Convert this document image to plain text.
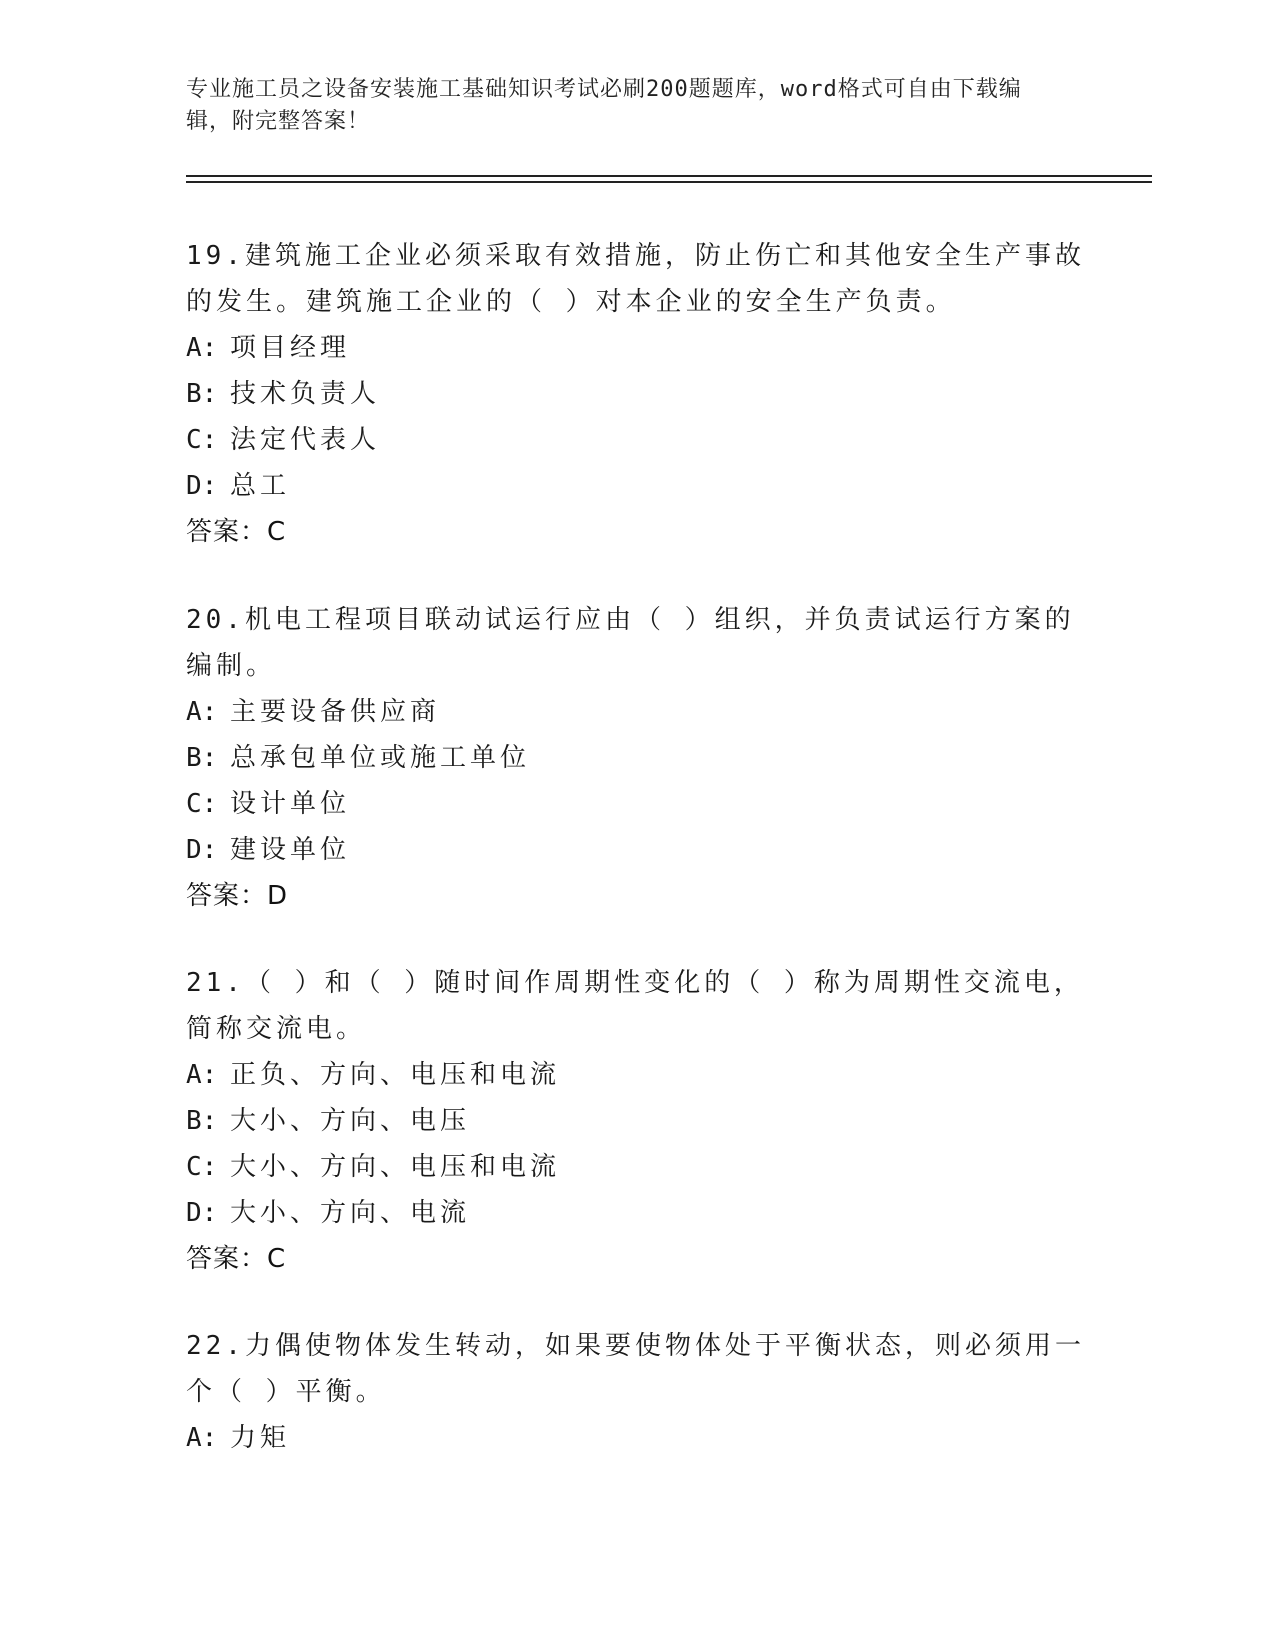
专业施工员之设备安装施工基础知识考试必刷200题题库，word格式可自由下载编辑，附完整答案！

19.建筑施工企业必须采取有效措施，防止伤亡和其他安全生产事故的发生。建筑施工企业的（ ）对本企业的安全生产负责。

A: 项目经理

B: 技术负责人

C: 法定代表人

D: 总工

答案：C

20.机电工程项目联动试运行应由（ ）组织，并负责试运行方案的编制。

A: 主要设备供应商

B: 总承包单位或施工单位

C: 设计单位

D: 建设单位

答案：D

21.（ ）和（ ）随时间作周期性变化的（ ）称为周期性交流电，简称交流电。

A: 正负、方向、电压和电流

B: 大小、方向、电压

C: 大小、方向、电压和电流

D: 大小、方向、电流

答案：C

22.力偶使物体发生转动，如果要使物体处于平衡状态，则必须用一个（ ）平衡。

A: 力矩
